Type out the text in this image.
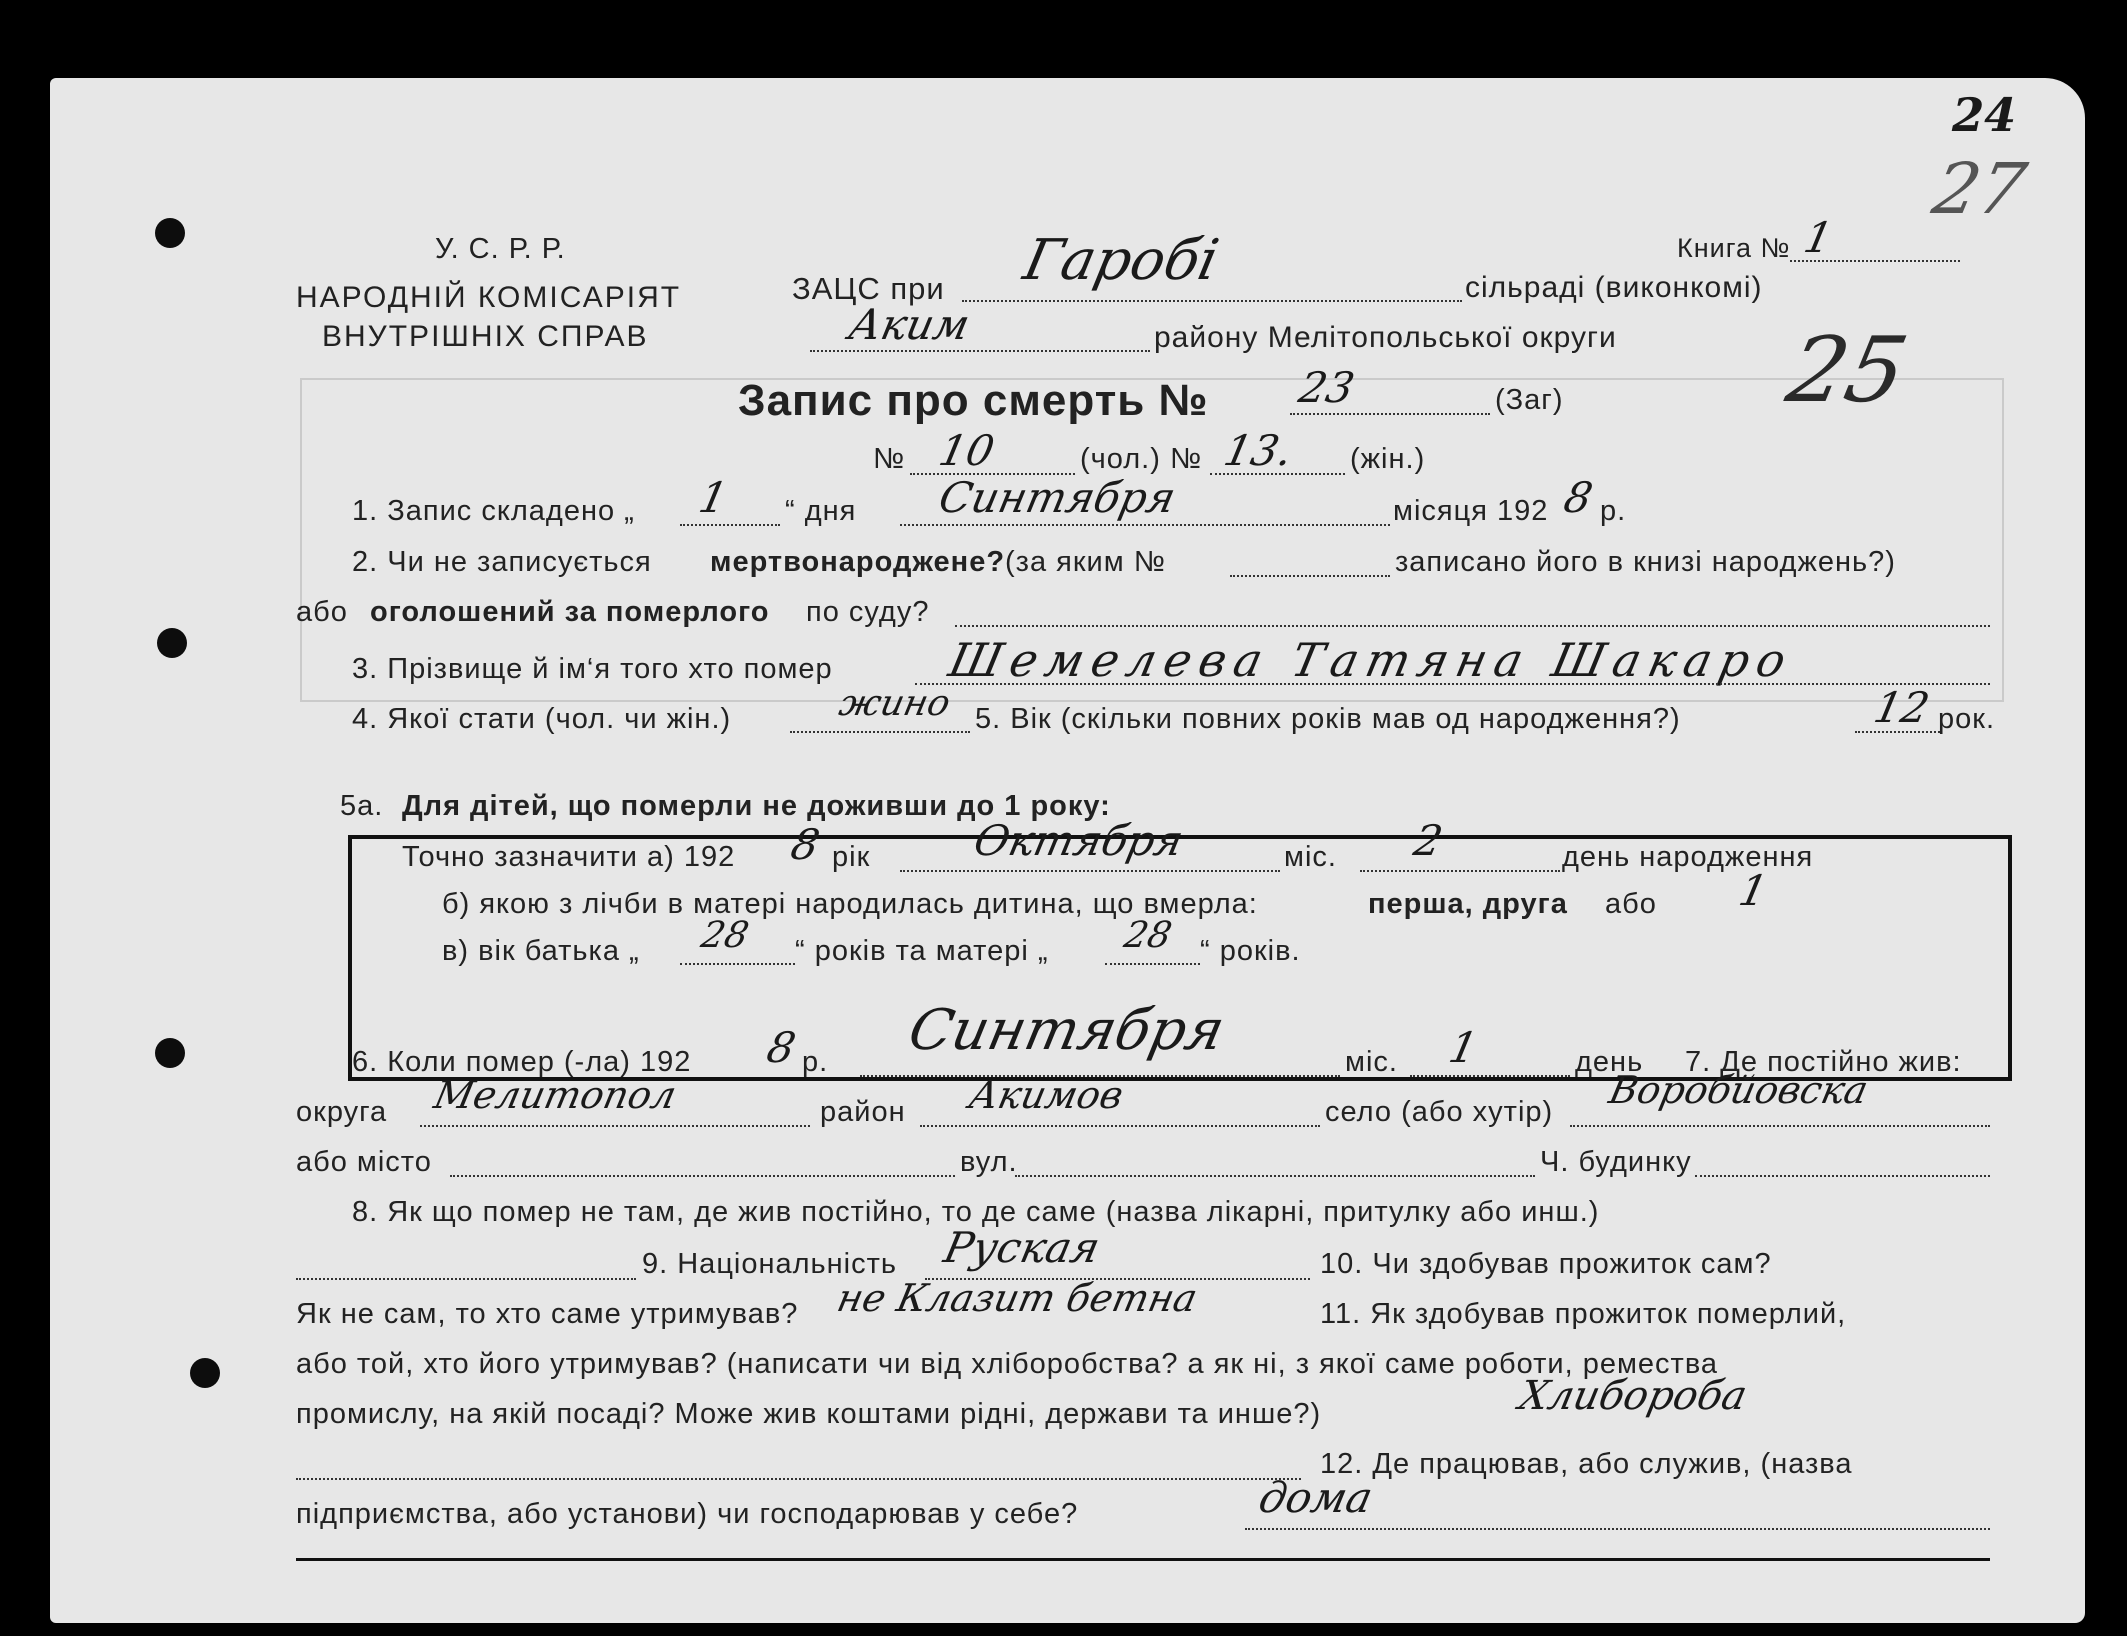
У. С. Р. Р.
НАРОДНІЙ КОМІСАРІЯТ
ВНУТРІШНІХ СПРАВ
ЗАЦС при Гаробі	сільраді (виконкомі)
Аким	району Мелітопольської округи
Книга № 1
24
27
25
Запис про смерть № 23	(Заг)
№ 10	(чол.) № 13. (жін.)
1. Запис складено „ 1 “ дня Синтября	місяця 192 8 р.
2. Чи не записується мертвонароджене? (за яким №	записано його в книзі народжень?)
або оголошений за померлого по суду?
3. Прізвище й ім‘я того хто помер Шемелева Татяна Шакаро
4. Якої стати (чол. чи жін.)	жино 5. Вік (скільки повних років мав од народження?)	12 рок.
5а. Для дітей, що померли не доживши до 1 року:
Точно зазначити а) 192 8 рік Октября	міс. 2	день народження
б) якою з лічби в матері народилась дитина, що вмерла:	перша, друга або 1
в) вік батька „ 28 “ років та матері „ 28 “ років.
6. Коли помер (-ла) 192 8 р. Синтября	міс. 1	день 7. Де постійно жив:
округа Мелитопол	район Акимов	село (або хутір) Воробйовска
або місто	вул.	Ч. будинку
8. Як що помер не там, де жив постійно, то де саме (назва лікарні, притулку або инш.)
9. Національність Руская	10. Чи здобував прожиток сам?
Як не сам, то хто саме утримував? не Клазит бетна	11. Як здобував прожиток померлий,
або той, хто його утримував? (написати чи від хліборобства? а як ні, з якої саме роботи, ремества
промислу, на якій посаді? Може жив коштами рідні, держави та инше?)	Хлибороба
12. Де працював, або служив, (назва
підприємства, або установи) чи господарював у себе?	дома
